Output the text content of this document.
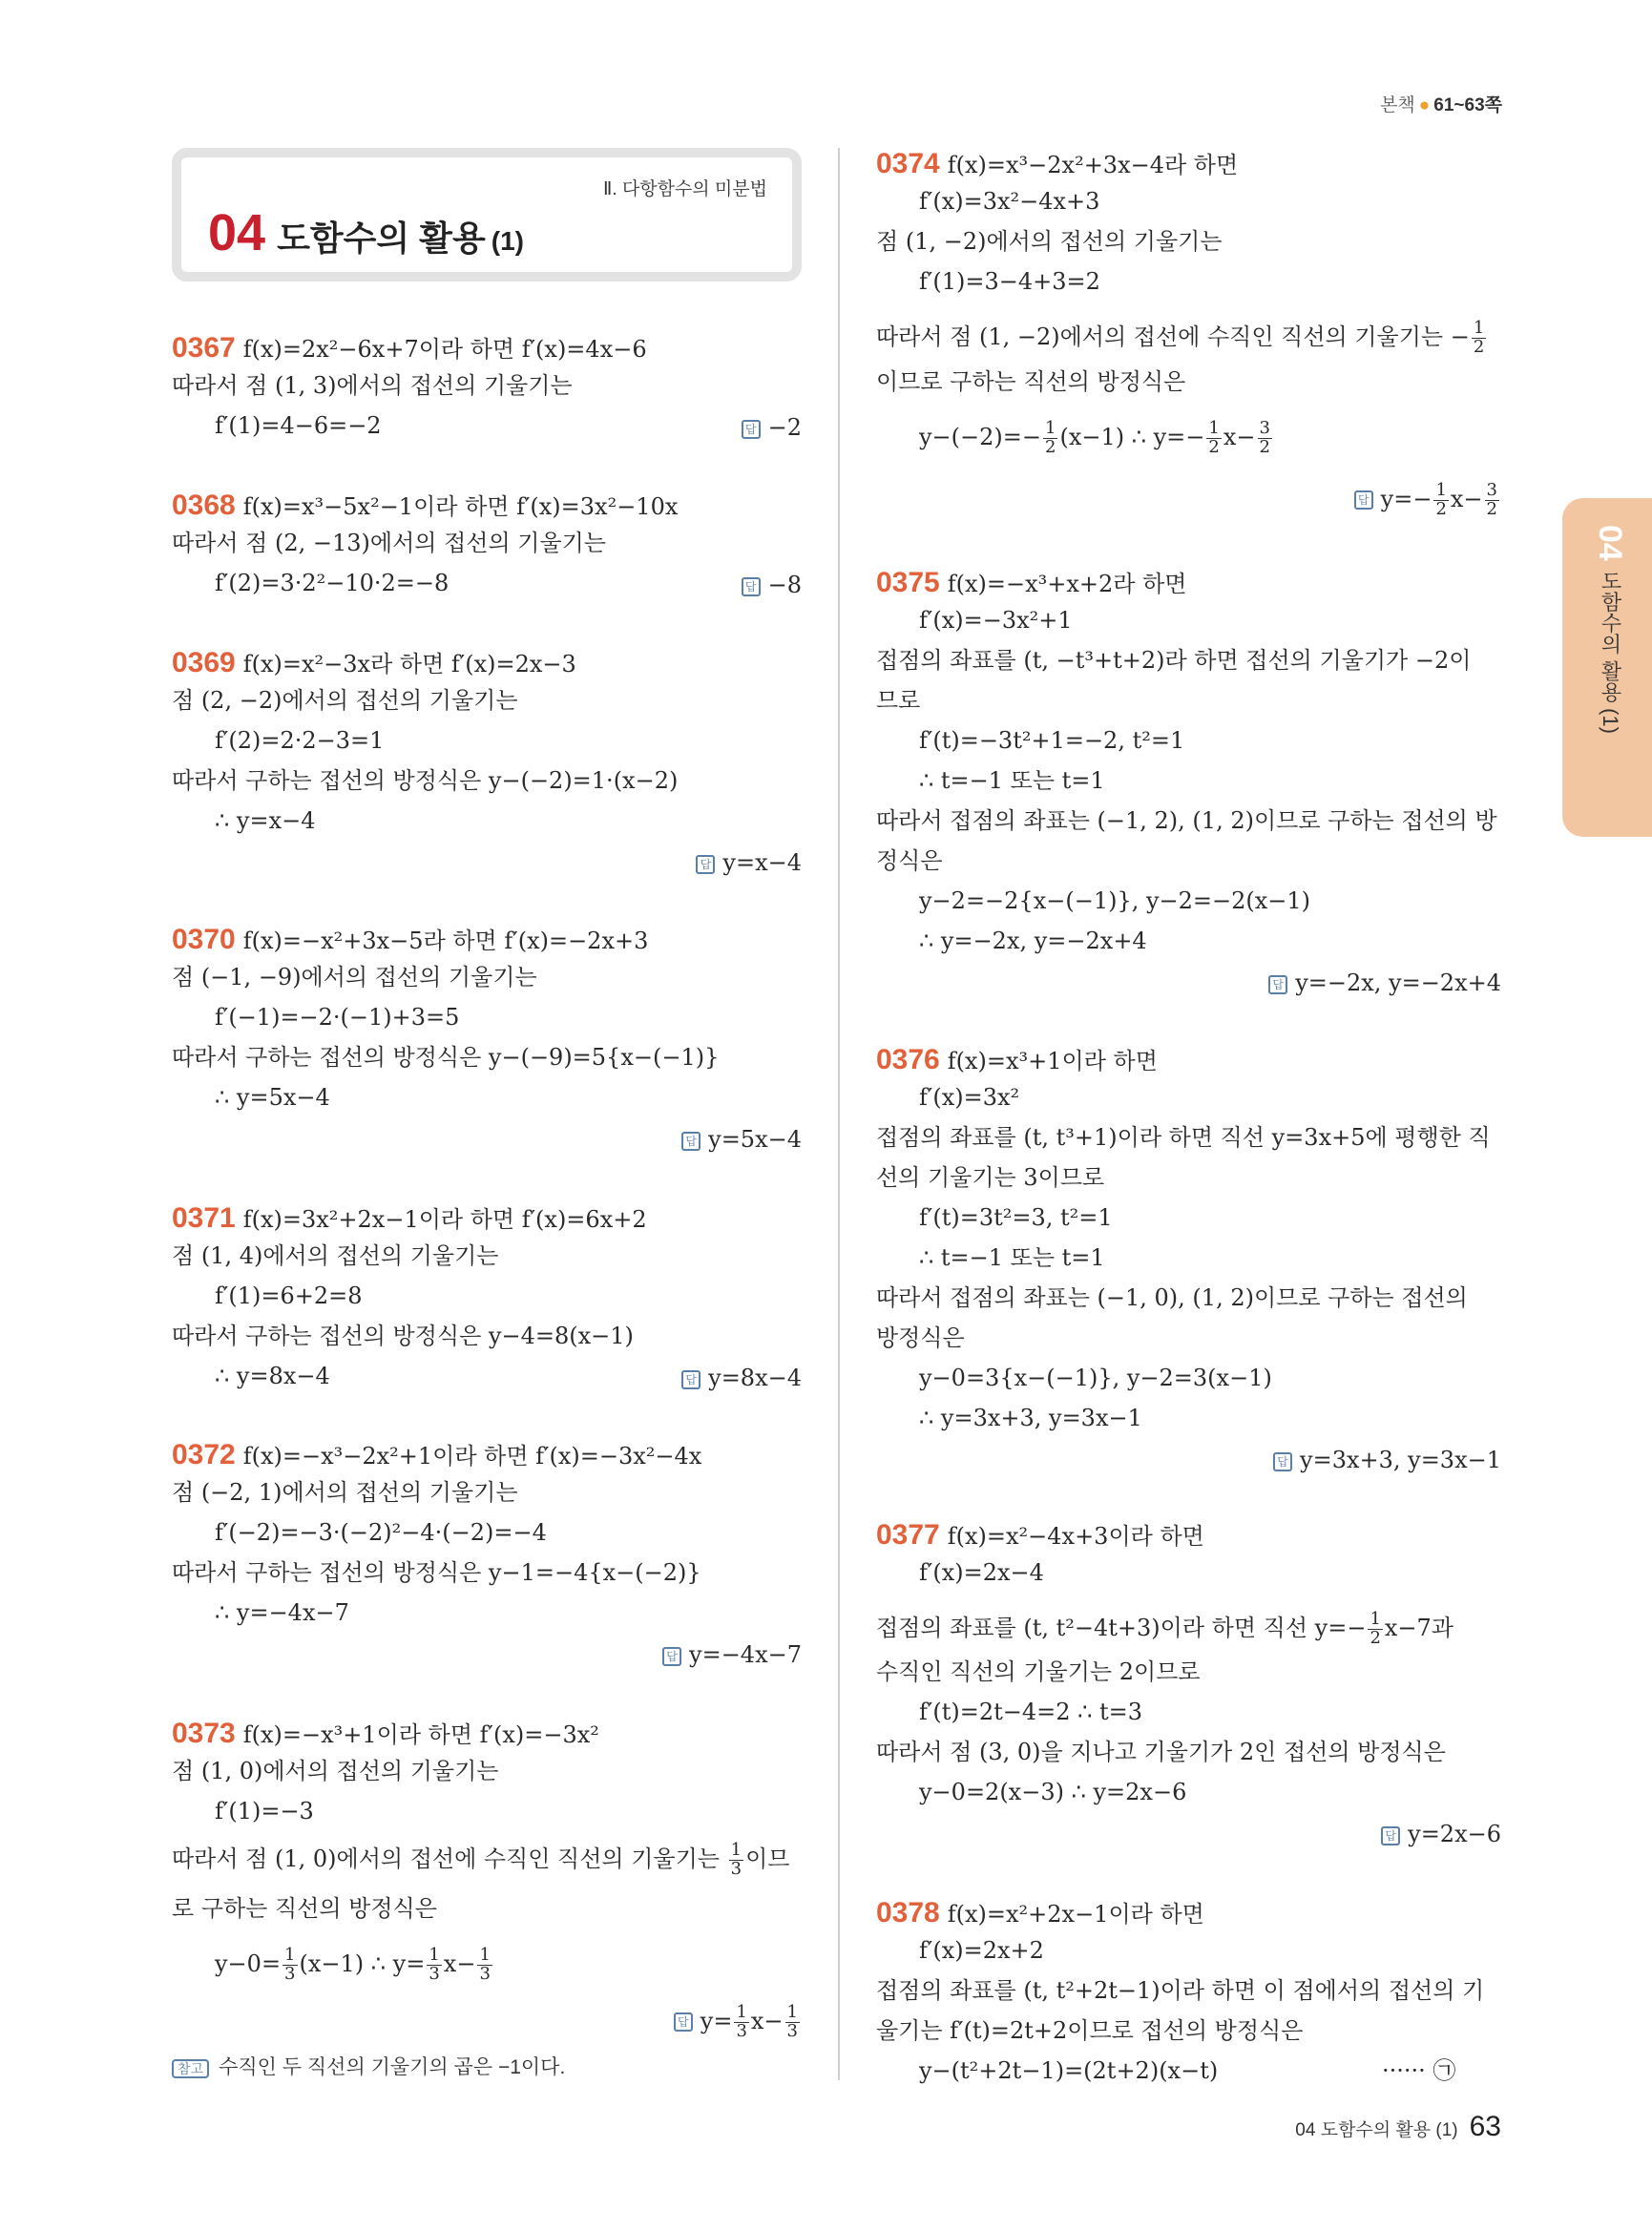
본책 ● 61~63쪽
Ⅱ. 다항함수의 미분법
04 도함수의 활용 (1)
0367 f(x)=2x²−6x+7이라 하면 f′(x)=4x−6
따라서 점 (1, 3)에서의 접선의 기울기는
f′(1)=4−6=−2	답 −2
0368 f(x)=x³−5x²−1이라 하면 f′(x)=3x²−10x
따라서 점 (2, −13)에서의 접선의 기울기는
f′(2)=3·2²−10·2=−8	답 −8
0369 f(x)=x²−3x라 하면 f′(x)=2x−3
점 (2, −2)에서의 접선의 기울기는
f′(2)=2·2−3=1
따라서 구하는 접선의 방정식은 y−(−2)=1·(x−2)
∴ y=x−4
답 y=x−4
0370 f(x)=−x²+3x−5라 하면 f′(x)=−2x+3
점 (−1, −9)에서의 접선의 기울기는
f′(−1)=−2·(−1)+3=5
따라서 구하는 접선의 방정식은 y−(−9)=5{x−(−1)}
∴ y=5x−4
답 y=5x−4
0371 f(x)=3x²+2x−1이라 하면 f′(x)=6x+2
점 (1, 4)에서의 접선의 기울기는
f′(1)=6+2=8
따라서 구하는 접선의 방정식은 y−4=8(x−1)
∴ y=8x−4	답 y=8x−4
0372 f(x)=−x³−2x²+1이라 하면 f′(x)=−3x²−4x
점 (−2, 1)에서의 접선의 기울기는
f′(−2)=−3·(−2)²−4·(−2)=−4
따라서 구하는 접선의 방정식은 y−1=−4{x−(−2)}
∴ y=−4x−7
답 y=−4x−7
0373 f(x)=−x³+1이라 하면 f′(x)=−3x²
점 (1, 0)에서의 접선의 기울기는
f′(1)=−3
따라서 점 (1, 0)에서의 접선에 수직인 직선의 기울기는 $\frac{1}{3}$ 이므
로 구하는 직선의 방정식은
$y-0= \frac{1}{3} (x-1)$ ∴ $y= \frac{1}{3} x- \frac{1}{3}$
답 $y= \frac{1}{3} x- \frac{1}{3}$
참고 수직인 두 직선의 기울기의 곱은 −1이다.
0374 f(x)=x³−2x²+3x−4라 하면
f′(x)=3x²−4x+3
점 (1, −2)에서의 접선의 기울기는
f′(1)=3−4+3=2
따라서 점 (1, −2)에서의 접선에 수직인 직선의 기울기는 − $\frac{1}{2}$
이므로 구하는 직선의 방정식은
$y-(-2)=- \frac{1}{2} (x-1)$ ∴ $y=- \frac{1}{2} x- \frac{3}{2}$
답 $y=- \frac{1}{2} x- \frac{3}{2}$
0375 f(x)=−x³+x+2라 하면
f′(x)=−3x²+1
접점의 좌표를 (t, −t³+t+2)라 하면 접선의 기울기가 −2이
므로
f′(t)=−3t²+1=−2, t²=1
∴ t=−1 또는 t=1
따라서 접점의 좌표는 (−1, 2), (1, 2)이므로 구하는 접선의 방
정식은
y−2=−2{x−(−1)}, y−2=−2(x−1)
∴ y=−2x, y=−2x+4
답 y=−2x, y=−2x+4
0376 f(x)=x³+1이라 하면
f′(x)=3x²
접점의 좌표를 (t, t³+1)이라 하면 직선 y=3x+5에 평행한 직
선의 기울기는 3이므로
f′(t)=3t²=3, t²=1
∴ t=−1 또는 t=1
따라서 접점의 좌표는 (−1, 0), (1, 2)이므로 구하는 접선의
방정식은
y−0=3{x−(−1)}, y−2=3(x−1)
∴ y=3x+3, y=3x−1
답 y=3x+3, y=3x−1
0377 f(x)=x²−4x+3이라 하면
f′(x)=2x−4
접점의 좌표를 (t, t²−4t+3)이라 하면 직선 $y=- \frac{1}{2} x-7$과
수직인 직선의 기울기는 2이므로
f′(t)=2t−4=2 ∴ t=3
따라서 점 (3, 0)을 지나고 기울기가 2인 접선의 방정식은
y−0=2(x−3) ∴ y=2x−6
답 y=2x−6
0378 f(x)=x²+2x−1이라 하면
f′(x)=2x+2
접점의 좌표를 (t, t²+2t−1)이라 하면 이 점에서의 접선의 기
울기는 f′(t)=2t+2이므로 접선의 방정식은
y−(t²+2t−1)=(2t+2)(x−t)	······ ㉠
04도함수의 활용 (1)
04 도함수의 활용 (1) 63
